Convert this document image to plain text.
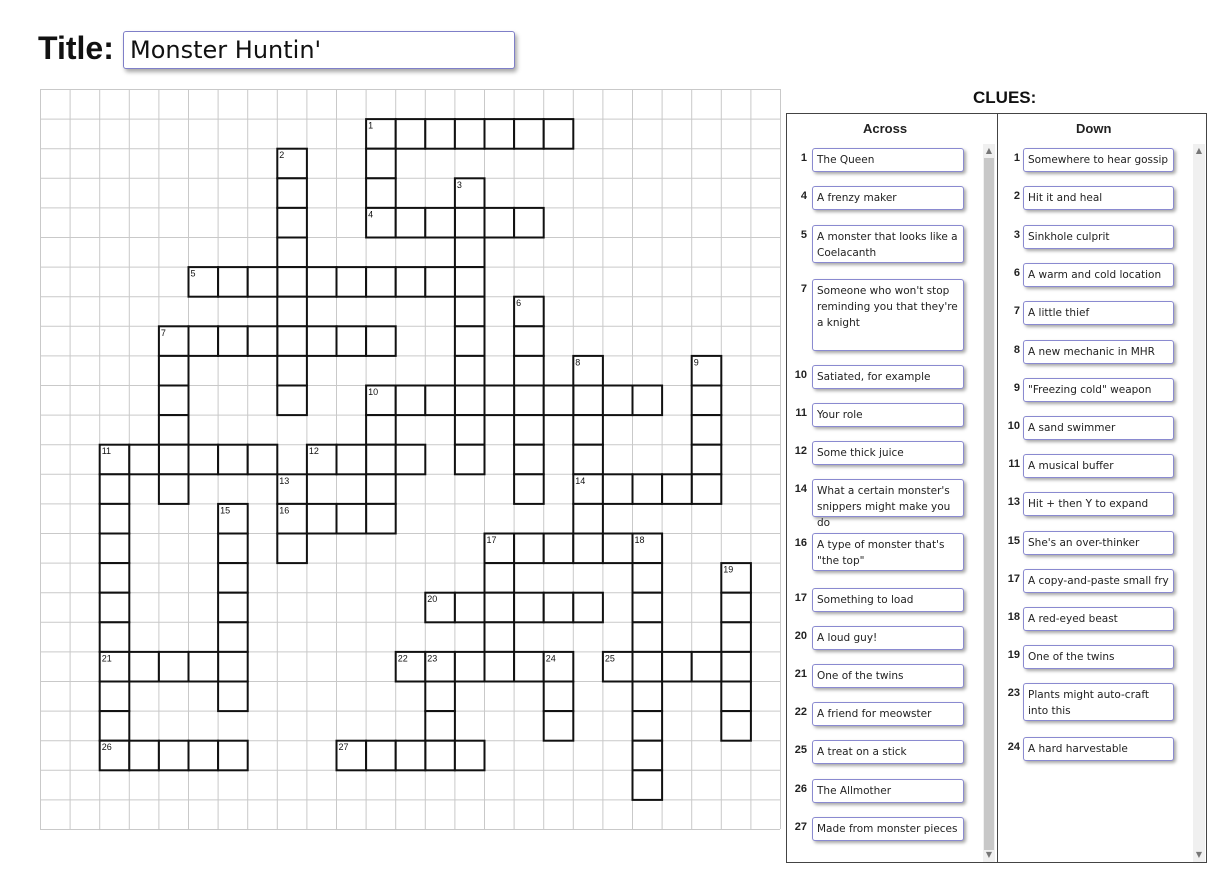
Title:
Monster Huntin'
1
2
3
4
5
6
7
8	9
10
11	12
13	14
15	16
17	18
19
20
21	22 23	24	25
26	27
CLUES:
Across	Down
1 The Queen
4 A frenzy maker
5 A monster that looks like a Coelacanth
7 Someone who won't stop reminding you that they're a knight
10 Satiated, for example
11 Your role
12 Some thick juice
14 What a certain monster's snippers might make you do
16 A type of monster that's "the top"
17 Something to load
20 A loud guy!
21 One of the twins
22 A friend for meowster
25 A treat on a stick
26 The Allmother
27 Made from monster pieces
1 Somewhere to hear gossip
2 Hit it and heal
3 Sinkhole culprit
6 A warm and cold location
7 A little thief
8 A new mechanic in MHR
9 "Freezing cold" weapon
10 A sand swimmer
11 A musical buffer
13 Hit + then Y to expand
15 She's an over-thinker
17 A copy-and-paste small fry
18 A red-eyed beast
19 One of the twins
23 Plants might auto-craft into this
24 A hard harvestable
▲
▼
▲
▼
